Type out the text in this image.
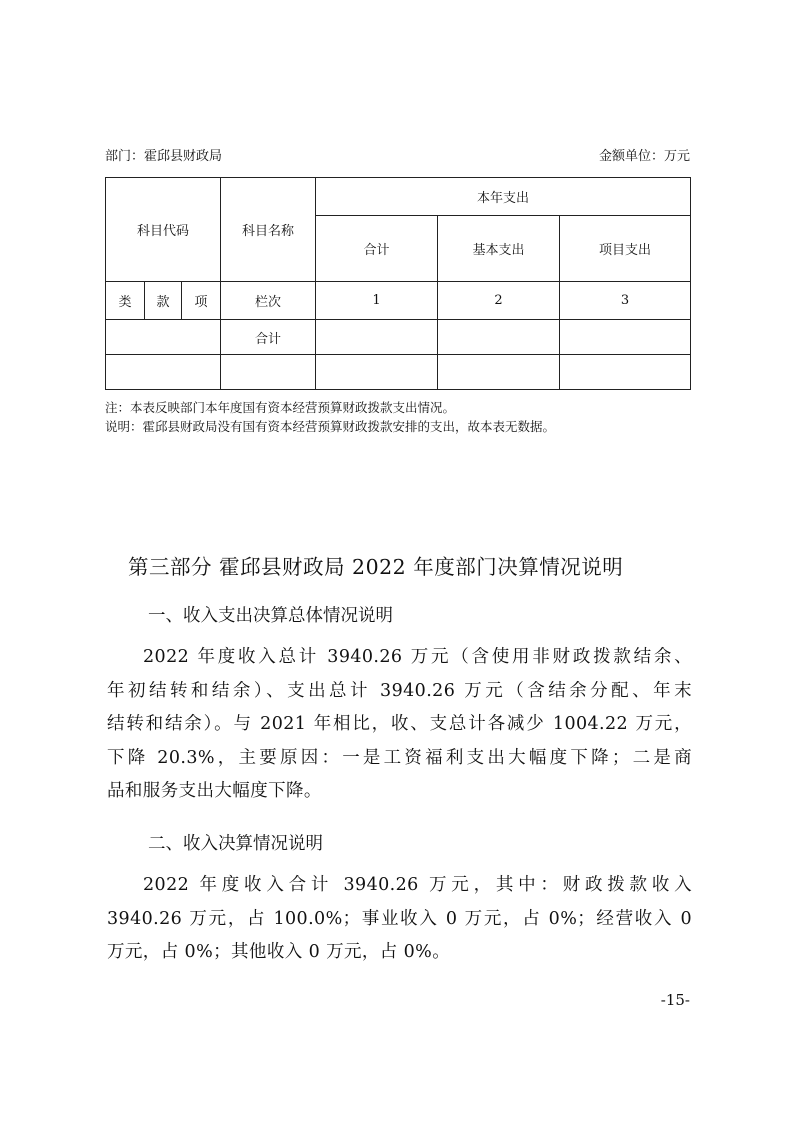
部门：霍邱县财政局	金额单位：万元
科目代码			科目名称	本年支出		
				合计	基本支出	项目支出
类	款	项	栏次	1	2	3
			合计			

注：本表反映部门本年度国有资本经营预算财政拨款支出情况。

说明：霍邱县财政局没有国有资本经营预算财政拨款安排的支出，故本表无数据。

第三部分 霍邱县财政局 2022 年度部门决算情况说明
一、收入支出决算总体情况说明
2022 年度收入总计 3940.26 万元（含使用非财政拨款结余、
年初结转和结余）、支出总计 3940.26 万元（含结余分配、年末
结转和结余）。与 2021 年相比，收、支总计各减少 1004.22 万元，
下降 20.3%，主要原因：一是工资福利支出大幅度下降；二是商
品和服务支出大幅度下降。
二、收入决算情况说明
2022 年度收入合计 3940.26 万元，其中：财政拨款收入
3940.26 万元，占 100.0%；事业收入 0 万元，占 0%；经营收入 0
万元，占 0%；其他收入 0 万元，占 0%。
-15-
